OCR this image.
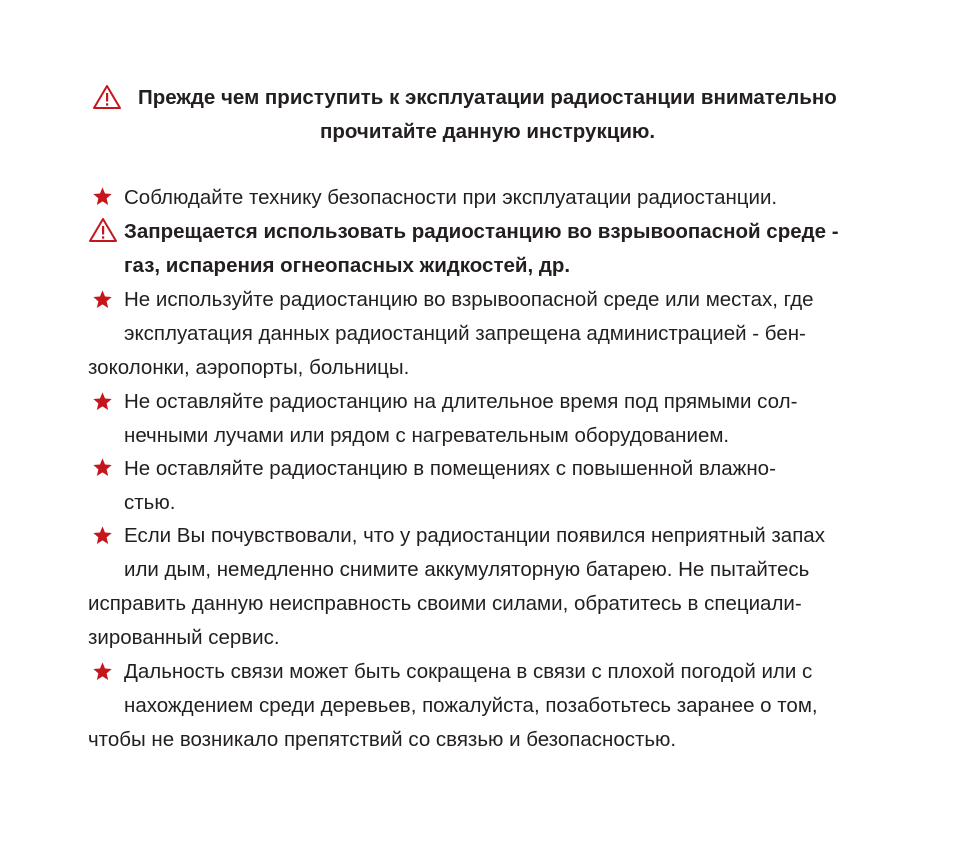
Прежде чем приступить к эксплуатации радиостанции внимательно
прочитайте данную инструкцию.
Соблюдайте технику безопасности при эксплуатации радиостанции.
Запрещается использовать радиостанцию во взрывоопасной среде -
газ, испарения огнеопасных жидкостей, др.
Не используйте радиостанцию во взрывоопасной среде или местах, где
эксплуатация данных радиостанций запрещена администрацией - бен-
зоколонки, аэропорты, больницы.
Не оставляйте радиостанцию на длительное время под прямыми сол-
нечными лучами или рядом с нагревательным оборудованием.
Не оставляйте радиостанцию в помещениях с повышенной влажно-
стью.
Если Вы почувствовали, что у радиостанции появился неприятный запах
или дым, немедленно снимите аккумуляторную батарею. Не пытайтесь
исправить данную неисправность своими силами, обратитесь в специали-
зированный сервис.
Дальность связи может быть сокращена в связи с плохой погодой или с
нахождением среди деревьев, пожалуйста, позаботьтесь заранее о том,
чтобы не возникало препятствий со связью и безопасностью.
